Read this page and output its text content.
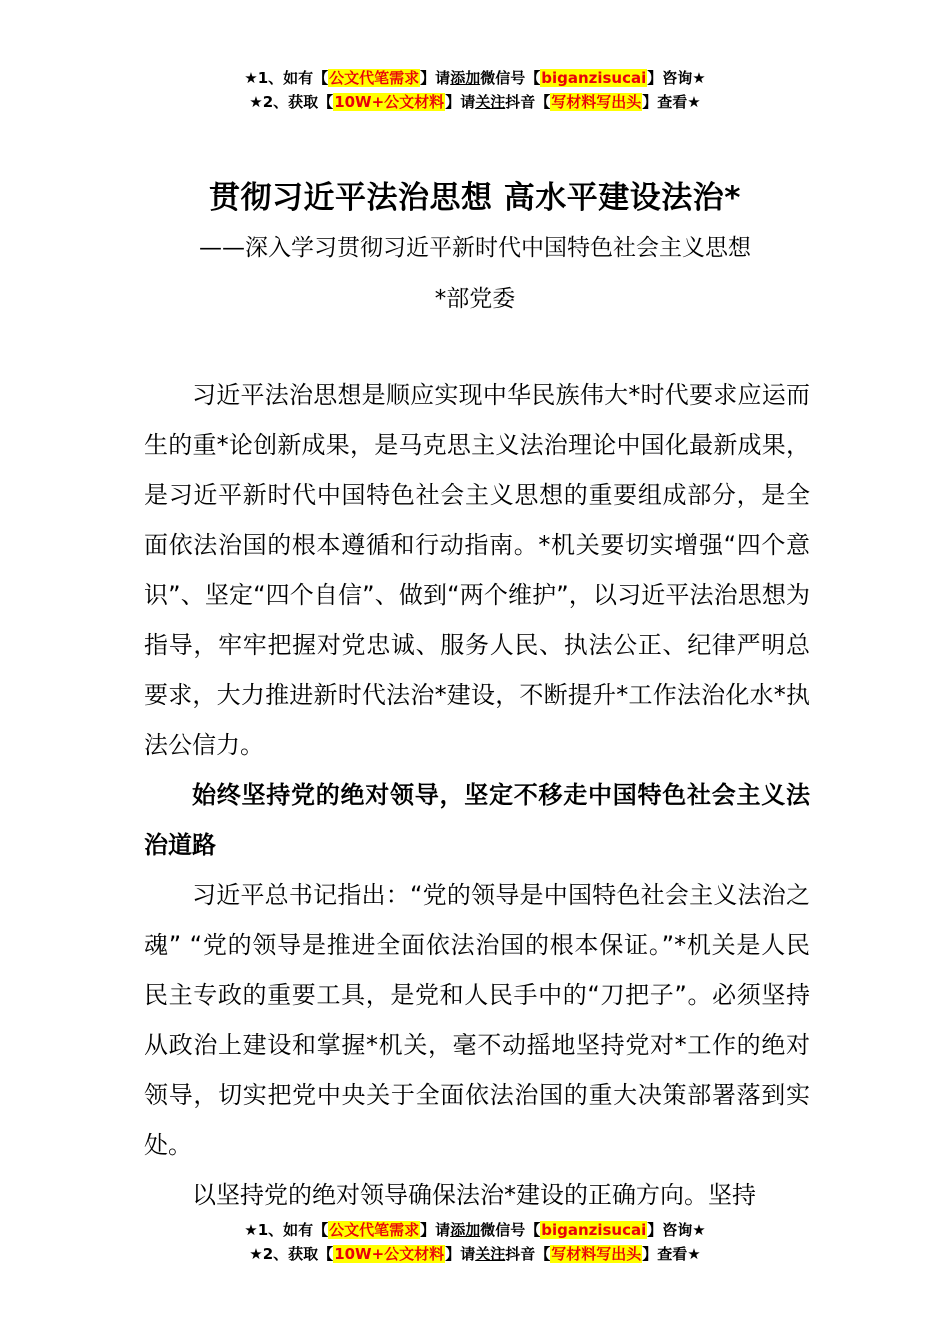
★1、如有【公文代笔需求】请添加微信号【biganzisucai】咨询★
★2、获取【10W+公文材料】请关注抖音【写材料写出头】查看★
贯彻习近平法治思想 高水平建设法治*
——深入学习贯彻习近平新时代中国特色社会主义思想
*部党委

习近平法治思想是顺应实现中华民族伟大*时代要求应运而生的重*论创新成果，是马克思主义法治理论中国化最新成果，是习近平新时代中国特色社会主义思想的重要组成部分，是全面依法治国的根本遵循和行动指南。*机关要切实增强“四个意识”、坚定“四个自信”、做到“两个维护”，以习近平法治思想为指导，牢牢把握对党忠诚、服务人民、执法公正、纪律严明总要求，大力推进新时代法治*建设，不断提升*工作法治化水*执法公信力。

始终坚持党的绝对领导，坚定不移走中国特色社会主义法治道路

习近平总书记指出：“党的领导是中国特色社会主义法治之魂” “党的领导是推进全面依法治国的根本保证。”*机关是人民民主专政的重要工具，是党和人民手中的“刀把子”。必须坚持从政治上建设和掌握*机关，毫不动摇地坚持党对*工作的绝对领导，切实把党中央关于全面依法治国的重大决策部署落到实处。

以坚持党的绝对领导确保法治*建设的正确方向。坚持

★1、如有【公文代笔需求】请添加微信号【biganzisucai】咨询★
★2、获取【10W+公文材料】请关注抖音【写材料写出头】查看★
